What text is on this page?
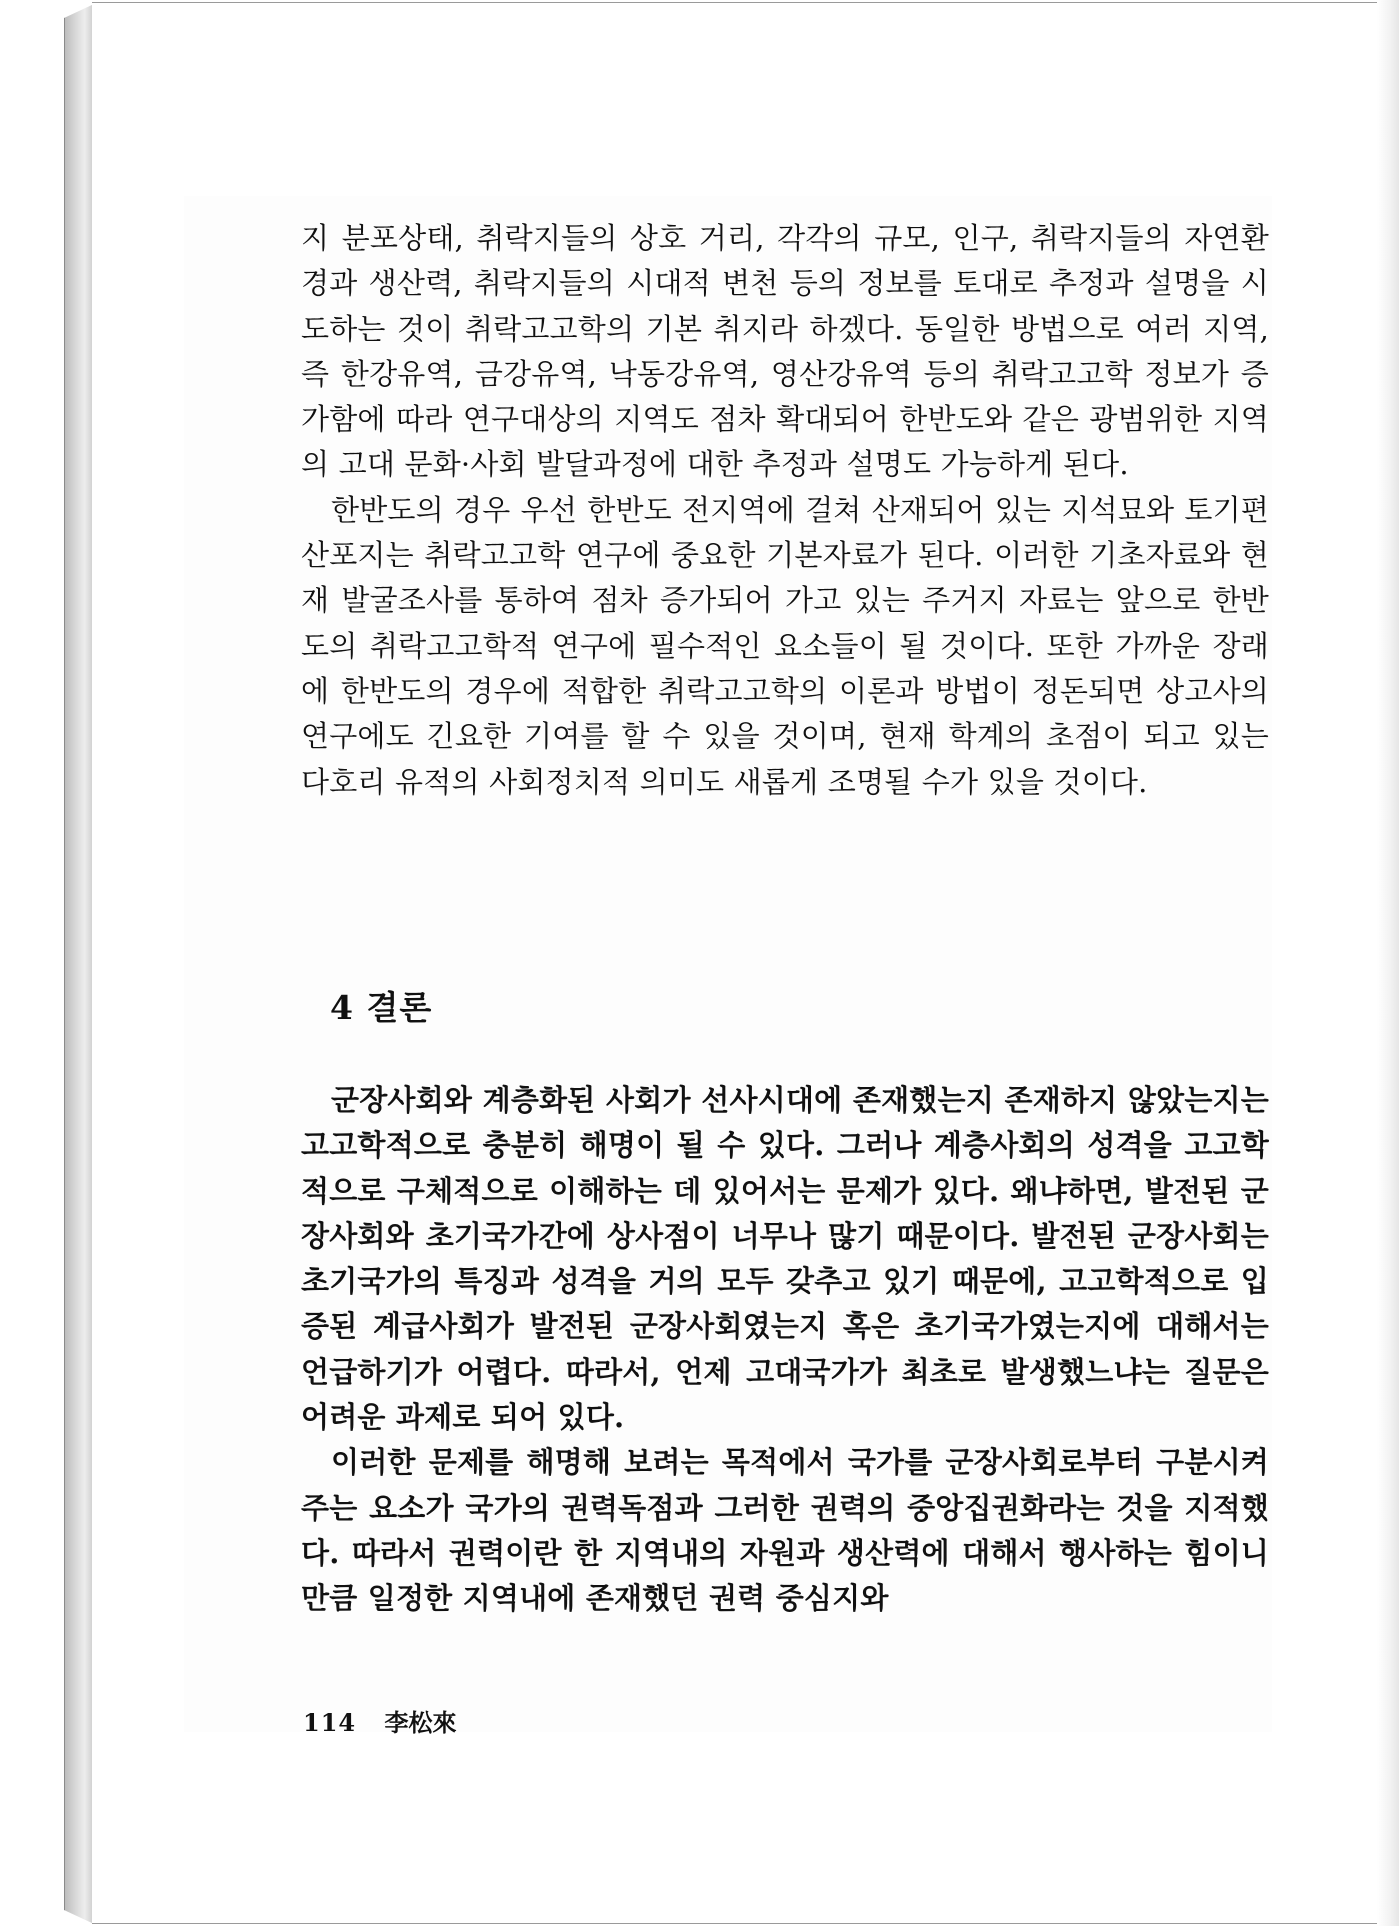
지 분포상태, 취락지들의 상호 거리, 각각의 규모, 인구, 취락지들의 자연환경과 생산력, 취락지들의 시대적 변천 등의 정보를 토대로 추정과 설명을 시도하는 것이 취락고고학의 기본 취지라 하겠다. 동일한 방법으로 여러 지역, 즉 한강유역, 금강유역, 낙동강유역, 영산강유역 등의 취락고고학 정보가 증가함에 따라 연구대상의 지역도 점차 확대되어 한반도와 같은 광범위한 지역의 고대 문화·사회 발달과정에 대한 추정과 설명도 가능하게 된다.

한반도의 경우 우선 한반도 전지역에 걸쳐 산재되어 있는 지석묘와 토기편 산포지는 취락고고학 연구에 중요한 기본자료가 된다. 이러한 기초자료와 현재 발굴조사를 통하여 점차 증가되어 가고 있는 주거지 자료는 앞으로 한반도의 취락고고학적 연구에 필수적인 요소들이 될 것이다. 또한 가까운 장래에 한반도의 경우에 적합한 취락고고학의 이론과 방법이 정돈되면 상고사의 연구에도 긴요한 기여를 할 수 있을 것이며, 현재 학계의 초점이 되고 있는 다호리 유적의 사회정치적 의미도 새롭게 조명될 수가 있을 것이다.

4 결론

군장사회와 계층화된 사회가 선사시대에 존재했는지 존재하지 않았는지는 고고학적으로 충분히 해명이 될 수 있다. 그러나 계층사회의 성격을 고고학적으로 구체적으로 이해하는 데 있어서는 문제가 있다. 왜냐하면, 발전된 군장사회와 초기국가간에 상사점이 너무나 많기 때문이다. 발전된 군장사회는 초기국가의 특징과 성격을 거의 모두 갖추고 있기 때문에, 고고학적으로 입증된 계급사회가 발전된 군장사회였는지 혹은 초기국가였는지에 대해서는 언급하기가 어렵다. 따라서, 언제 고대국가가 최초로 발생했느냐는 질문은 어려운 과제로 되어 있다.

이러한 문제를 해명해 보려는 목적에서 국가를 군장사회로부터 구분시켜 주는 요소가 국가의 권력독점과 그러한 권력의 중앙집권화라는 것을 지적했다. 따라서 권력이란 한 지역내의 자원과 생산력에 대해서 행사하는 힘이니만큼 일정한 지역내에 존재했던 권력 중심지와

114 李松來
